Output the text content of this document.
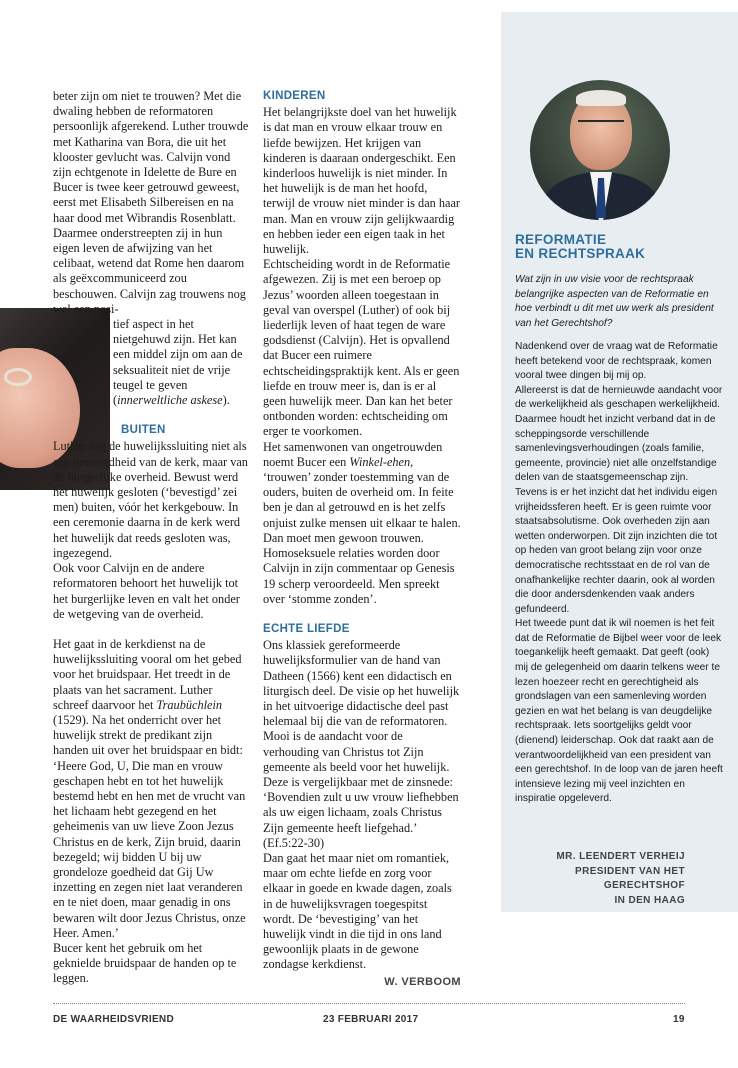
beter zijn om niet te trouwen? Met die dwaling hebben de reformatoren persoonlijk afgerekend. Luther trouwde met Katharina van Bora, die uit het klooster gevlucht was. Calvijn vond zijn echtgenote in Idelette de Bure en Bucer is twee keer getrouwd geweest, eerst met Elisabeth Silbereisen en na haar dood met Wibrandis Rosenblatt. Daarmee onderstreepten zij in hun eigen leven de afwijzing van het celibaat, wetend dat Rome hen daarom als geëxcommuniceerd zou beschouwen. Calvijn zag trouwens nog wel een posi-

tief aspect in het nietgehuwd zijn. Het kan een middel zijn om aan de seksualiteit niet de vrije teugel te geven (innerweltliche askese).

BUITEN

Luther zag de huwelijkssluiting niet als een bevoegdheid van de kerk, maar van de burgerlijke overheid. Bewust werd het huwelijk gesloten (‘bevestigd’ zei men) buiten, vóór het kerkgebouw. In een ceremonie daarna ín de kerk werd het huwelijk dat reeds gesloten was, ingezegend.

Ook voor Calvijn en de andere reformatoren behoort het huwelijk tot het burgerlijke leven en valt het onder de wetgeving van de overheid.

Het gaat in de kerkdienst na de huwelijkssluiting vooral om het gebed voor het bruidspaar. Het treedt in de plaats van het sacrament. Luther schreef daarvoor het Traubüchlein (1529). Na het onderricht over het huwelijk strekt de predikant zijn handen uit over het bruidspaar en bidt: ‘Heere God, U, Die man en vrouw geschapen hebt en tot het huwelijk bestemd hebt en hen met de vrucht van het lichaam hebt gezegend en het geheimenis van uw lieve Zoon Jezus Christus en de kerk, Zijn bruid, daarin bezegeld; wij bidden U bij uw grondeloze goedheid dat Gij Uw inzetting en zegen niet laat veranderen en te niet doen, maar genadig in ons bewaren wilt door Jezus Christus, onze Heer. Amen.’

Bucer kent het gebruik om het geknielde bruidspaar de handen op te leggen.

KINDEREN

Het belangrijkste doel van het huwelijk is dat man en vrouw elkaar trouw en liefde bewijzen. Het krijgen van kinderen is daaraan ondergeschikt. Een kinderloos huwelijk is niet minder. In het huwelijk is de man het hoofd, terwijl de vrouw niet minder is dan haar man. Man en vrouw zijn gelijkwaardig en hebben ieder een eigen taak in het huwelijk.

Echtscheiding wordt in de Reformatie afgewezen. Zij is met een beroep op Jezus’ woorden alleen toegestaan in geval van overspel (Luther) of ook bij liederlijk leven of haat tegen de ware godsdienst (Calvijn). Het is opvallend dat Bucer een ruimere echtscheidingspraktijk kent. Als er geen liefde en trouw meer is, dan is er al geen huwelijk meer. Dan kan het beter ontbonden worden: echtscheiding om erger te voorkomen.

Het samenwonen van ongetrouwden noemt Bucer een Winkel-ehen, ‘trouwen’ zonder toestemming van de ouders, buiten de overheid om. In feite ben je dan al getrouwd en is het zelfs onjuist zulke mensen uit elkaar te halen. Dan moet men gewoon trouwen.

Homoseksuele relaties worden door Calvijn in zijn commentaar op Genesis 19 scherp veroordeeld. Men spreekt over ‘stomme zonden’.

ECHTE LIEFDE

Ons klassiek gereformeerde huwelijksformulier van de hand van Datheen (1566) kent een didactisch en liturgisch deel. De visie op het huwelijk in het uitvoerige didactische deel past helemaal bij die van de reformatoren. Mooi is de aandacht voor de verhouding van Christus tot Zijn gemeente als beeld voor het huwelijk. Deze is vergelijkbaar met de zinsnede: ‘Bovendien zult u uw vrouw liefhebben als uw eigen lichaam, zoals Christus Zijn gemeente heeft liefgehad.’ (Ef.5:22-30)

Dan gaat het maar niet om romantiek, maar om echte liefde en zorg voor elkaar in goede en kwade dagen, zoals in de huwelijksvragen toegespitst wordt. De ‘bevestiging’ van het huwelijk vindt in die tijd in ons land gewoonlijk plaats in de gewone zondagse kerkdienst.

W. VERBOOM
REFORMATIE
EN RECHTSPRAAK
Wat zijn in uw visie voor de rechtspraak belangrijke aspecten van de Reformatie en hoe verbindt u dit met uw werk als president van het Gerechtshof?

Nadenkend over de vraag wat de Reformatie heeft betekend voor de rechtspraak, komen vooral twee dingen bij mij op.

Allereerst is dat de hernieuwde aandacht voor de werkelijkheid als geschapen werkelijkheid. Daarmee houdt het inzicht verband dat in de scheppingsorde verschillende samenlevingsverhoudingen (zoals familie, gemeente, provincie) niet alle onzelfstandige delen van de staatsgemeenschap zijn. Tevens is er het inzicht dat het individu eigen vrijheidssferen heeft. Er is geen ruimte voor staatsabsolutisme. Ook overheden zijn aan wetten onderworpen. Dit zijn inzichten die tot op heden van groot belang zijn voor onze democratische rechtsstaat en de rol van de onafhankelijke rechter daarin, ook al worden die door andersdenkenden vaak anders gefundeerd.

Het tweede punt dat ik wil noemen is het feit dat de Reformatie de Bijbel weer voor de leek toegankelijk heeft gemaakt. Dat geeft (ook) mij de gelegenheid om daarin telkens weer te lezen hoezeer recht en gerechtigheid als grondslagen van een samenleving worden gezien en wat het belang is van deugdelijke rechtspraak. Iets soortgelijks geldt voor (dienend) leiderschap. Ook dat raakt aan de verantwoordelijkheid van een president van een gerechtshof. In de loop van de jaren heeft intensieve lezing mij veel inzichten en inspiratie opgeleverd.

MR. LEENDERT VERHEIJ
PRESIDENT VAN HET GERECHTSHOF
IN DEN HAAG
DE WAARHEIDSVRIEND	23 FEBRUARI 2017	19
